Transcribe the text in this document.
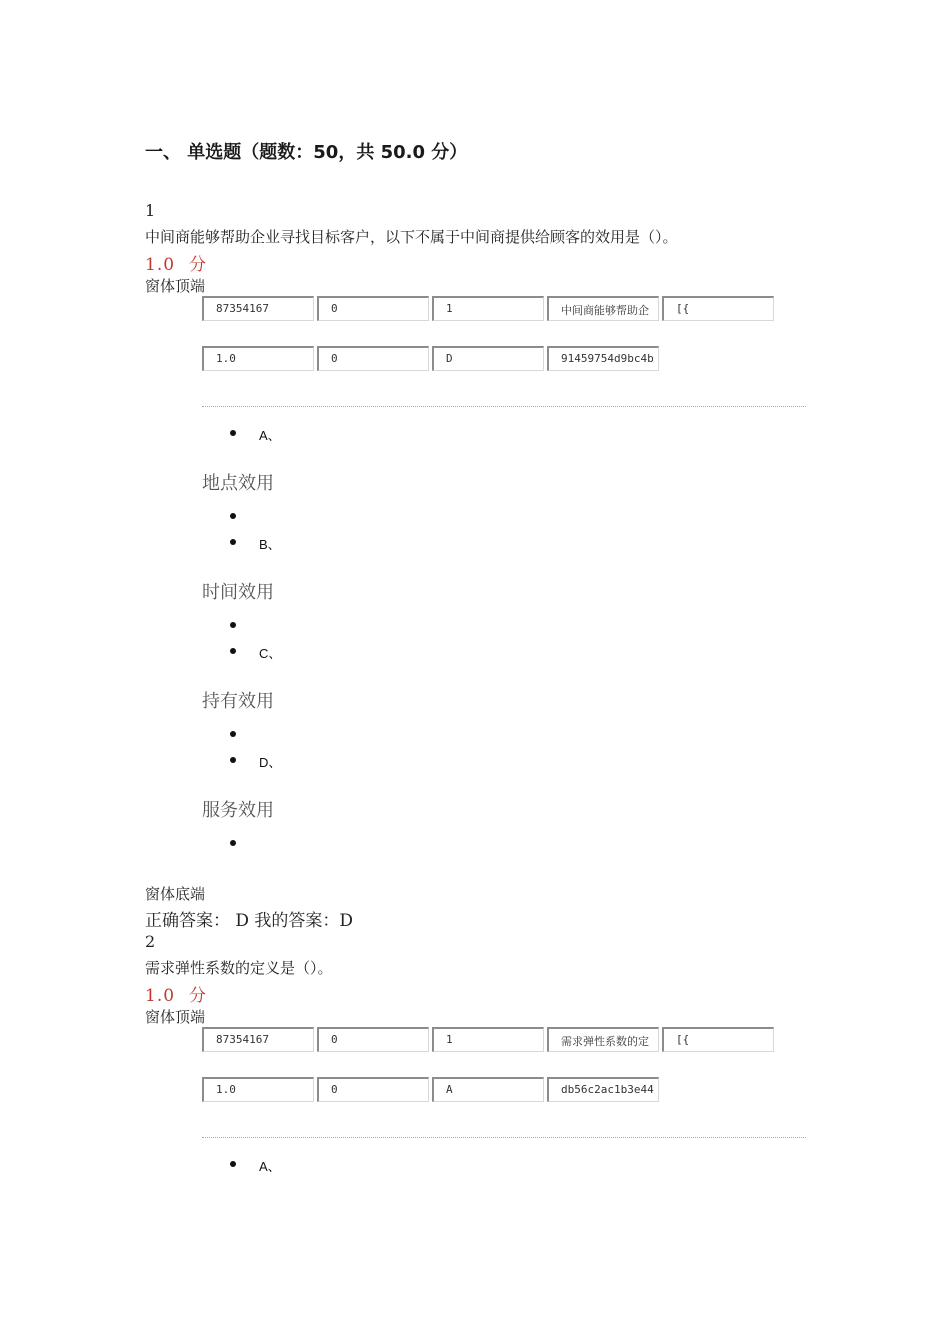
一、 单选题（题数：50，共 50.0 分）
1
中间商能够帮助企业寻找目标客户，以下不属于中间商提供给顾客的效用是（）。
1.0 分
窗体顶端
87354167	0	1	中间商能够帮助企	[{
1.0	0	D	91459754d9bc4b
A、
地点效用
B、
时间效用
C、
持有效用
D、
服务效用
窗体底端
正确答案： D 我的答案：D
2
需求弹性系数的定义是（）。
1.0 分
窗体顶端
87354167	0	1	需求弹性系数的定	[{
1.0	0	A	db56c2ac1b3e44
A、
